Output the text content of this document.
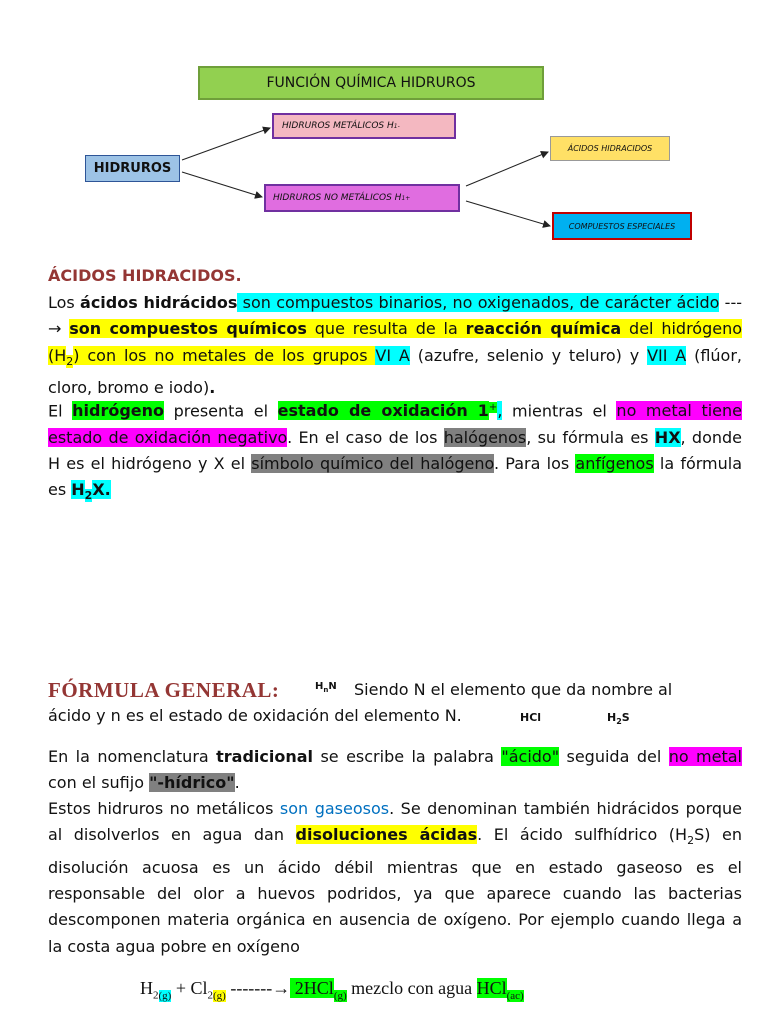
FUNCIÓN QUÍMICA HIDRUROS
HIDRUROS
HIDRUROS METÁLICOS H 1-
HIDRUROS NO METÁLICOS H 1+
ÁCIDOS HIDRACIDOS
COMPUESTOS ESPECIALES
ÁCIDOS HIDRACIDOS.
Los ácidos hidrácidos son compuestos binarios, no oxigenados, de carácter ácido ---→ son compuestos químicos que resulta de la reacción química del hidrógeno $(H_2)$ con los no metales de los grupos VI A (azufre, selenio y teluro) y VII A (flúor, cloro, bromo e iodo).
El hidrógeno presenta el estado de oxidación 1+, mientras el no metal tiene estado de oxidación negativo. En el caso de los halógenos, su fórmula es HX, donde H es el hidrógeno y X el símbolo químico del halógeno. Para los anfígenos la fórmula es $H_2X$.
FÓRMULA GENERAL:	$H_nN$ Siendo N el elemento que da nombre al
ácido y n es el estado de oxidación del elemento N.	HCl	$H_2S$
En la nomenclatura tradicional se escribe la palabra "ácido" seguida del no metal con el sufijo "-hídrico".
Estos hidruros no metálicos son gaseosos. Se denominan también hidrácidos porque al disolverlos en agua dan disoluciones ácidas. El ácido sulfhídrico $(H_2S)$ en disolución acuosa es un ácido débil mientras que en estado gaseoso es el responsable del olor a huevos podridos, ya que aparece cuando las bacterias descomponen materia orgánica en ausencia de oxígeno. Por ejemplo cuando llega a la costa agua pobre en oxígeno
$H_{2(g)} + Cl_{2(g)}$ -------→ 2HCl$_{(g)}$ mezclo con agua HCl$_{(ac)}$
